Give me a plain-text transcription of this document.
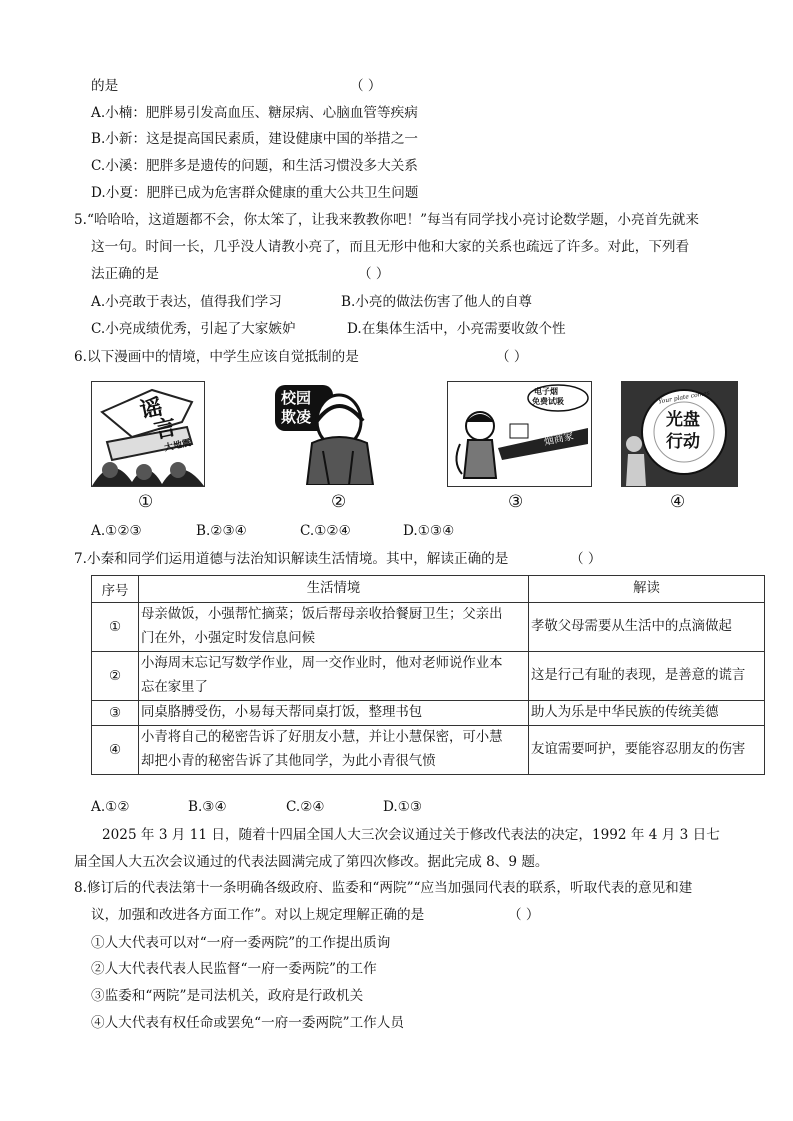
的是	（ ）
A.小楠：肥胖易引发高血压、糖尿病、心脑血管等疾病
B.小新：这是提高国民素质，建设健康中国的举措之一
C.小溪：肥胖多是遗传的问题，和生活习惯没多大关系
D.小夏：肥胖已成为危害群众健康的重大公共卫生问题
5.“哈哈哈，这道题都不会，你太笨了，让我来教教你吧！”每当有同学找小亮讨论数学题，小亮首先就来
这一句。时间一长，几乎没人请教小亮了，而且无形中他和大家的关系也疏远了许多。对此，下列看
法正确的是	（ ）
A.小亮敢于表达，值得我们学习	B.小亮的做法伤害了他人的自尊
C.小亮成绩优秀，引起了大家嫉妒	D.在集体生活中，小亮需要收敛个性
6.以下漫画中的情境，中学生应该自觉抵制的是	（ ）
谣
言
大地震
校园
欺凌
电子烟
免费试吸
烟商家
Your plate comes
光盘
行动
①	②	③	④
A.①②③	B.②③④	C.①②④	D.①③④
7.小秦和同学们运用道德与法治知识解读生活情境。其中，解读正确的是	（ ）
序号	生活情境	解读
①	母亲做饭，小强帮忙摘菜；饭后帮母亲收拾餐厨卫生；父亲出
门在外，小强定时发信息问候	孝敬父母需要从生活中的点滴做起
②	小海周末忘记写数学作业，周一交作业时，他对老师说作业本
忘在家里了	这是行己有耻的表现，是善意的谎言
③	同桌胳膊受伤，小易每天帮同桌打饭，整理书包	助人为乐是中华民族的传统美德
④	小青将自己的秘密告诉了好朋友小慧，并让小慧保密，可小慧
却把小青的秘密告诉了其他同学，为此小青很气愤	友谊需要呵护，要能容忍朋友的伤害
A.①②	B.③④	C.②④	D.①③
2025 年 3 月 11 日，随着十四届全国人大三次会议通过关于修改代表法的决定，1992 年 4 月 3 日七
届全国人大五次会议通过的代表法圆满完成了第四次修改。据此完成 8、9 题。
8.修订后的代表法第十一条明确各级政府、监委和“两院”“应当加强同代表的联系，听取代表的意见和建
议，加强和改进各方面工作”。对以上规定理解正确的是	（ ）
①人大代表可以对“一府一委两院”的工作提出质询
②人大代表代表人民监督“一府一委两院”的工作
③监委和“两院”是司法机关，政府是行政机关
④人大代表有权任命或罢免“一府一委两院”工作人员
